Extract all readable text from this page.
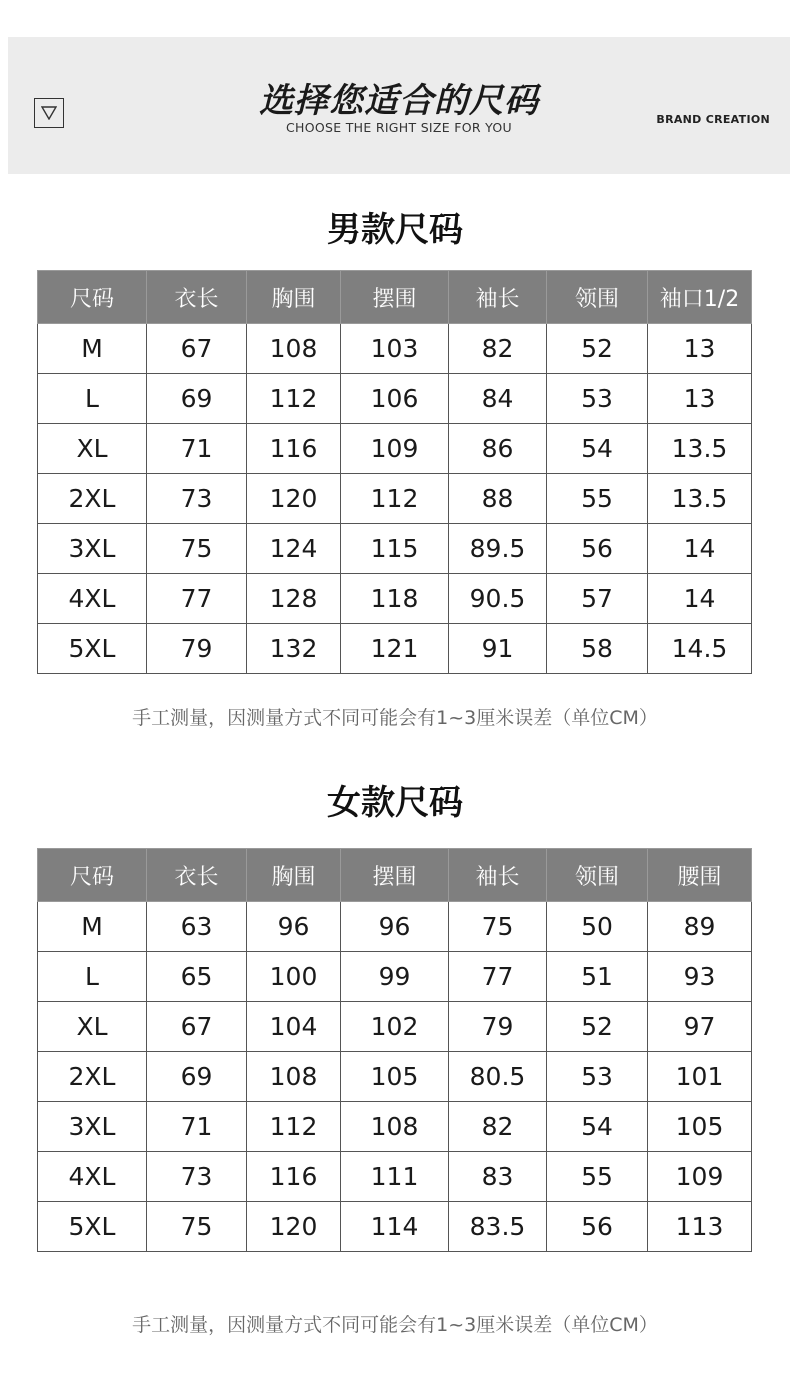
选择您适合的尺码
CHOOSE THE RIGHT SIZE FOR YOU
BRAND CREATION
男款尺码
尺码	衣长	胸围	摆围	袖长	领围	袖口1/2
M	67	108	103	82	52	13
L	69	112	106	84	53	13
XL	71	116	109	86	54	13.5
2XL	73	120	112	88	55	13.5
3XL	75	124	115	89.5	56	14
4XL	77	128	118	90.5	57	14
5XL	79	132	121	91	58	14.5
手工测量，因测量方式不同可能会有1~3厘米误差（单位CM）
女款尺码
尺码	衣长	胸围	摆围	袖长	领围	腰围
M	63	96	96	75	50	89
L	65	100	99	77	51	93
XL	67	104	102	79	52	97
2XL	69	108	105	80.5	53	101
3XL	71	112	108	82	54	105
4XL	73	116	111	83	55	109
5XL	75	120	114	83.5	56	113
手工测量，因测量方式不同可能会有1~3厘米误差（单位CM）
